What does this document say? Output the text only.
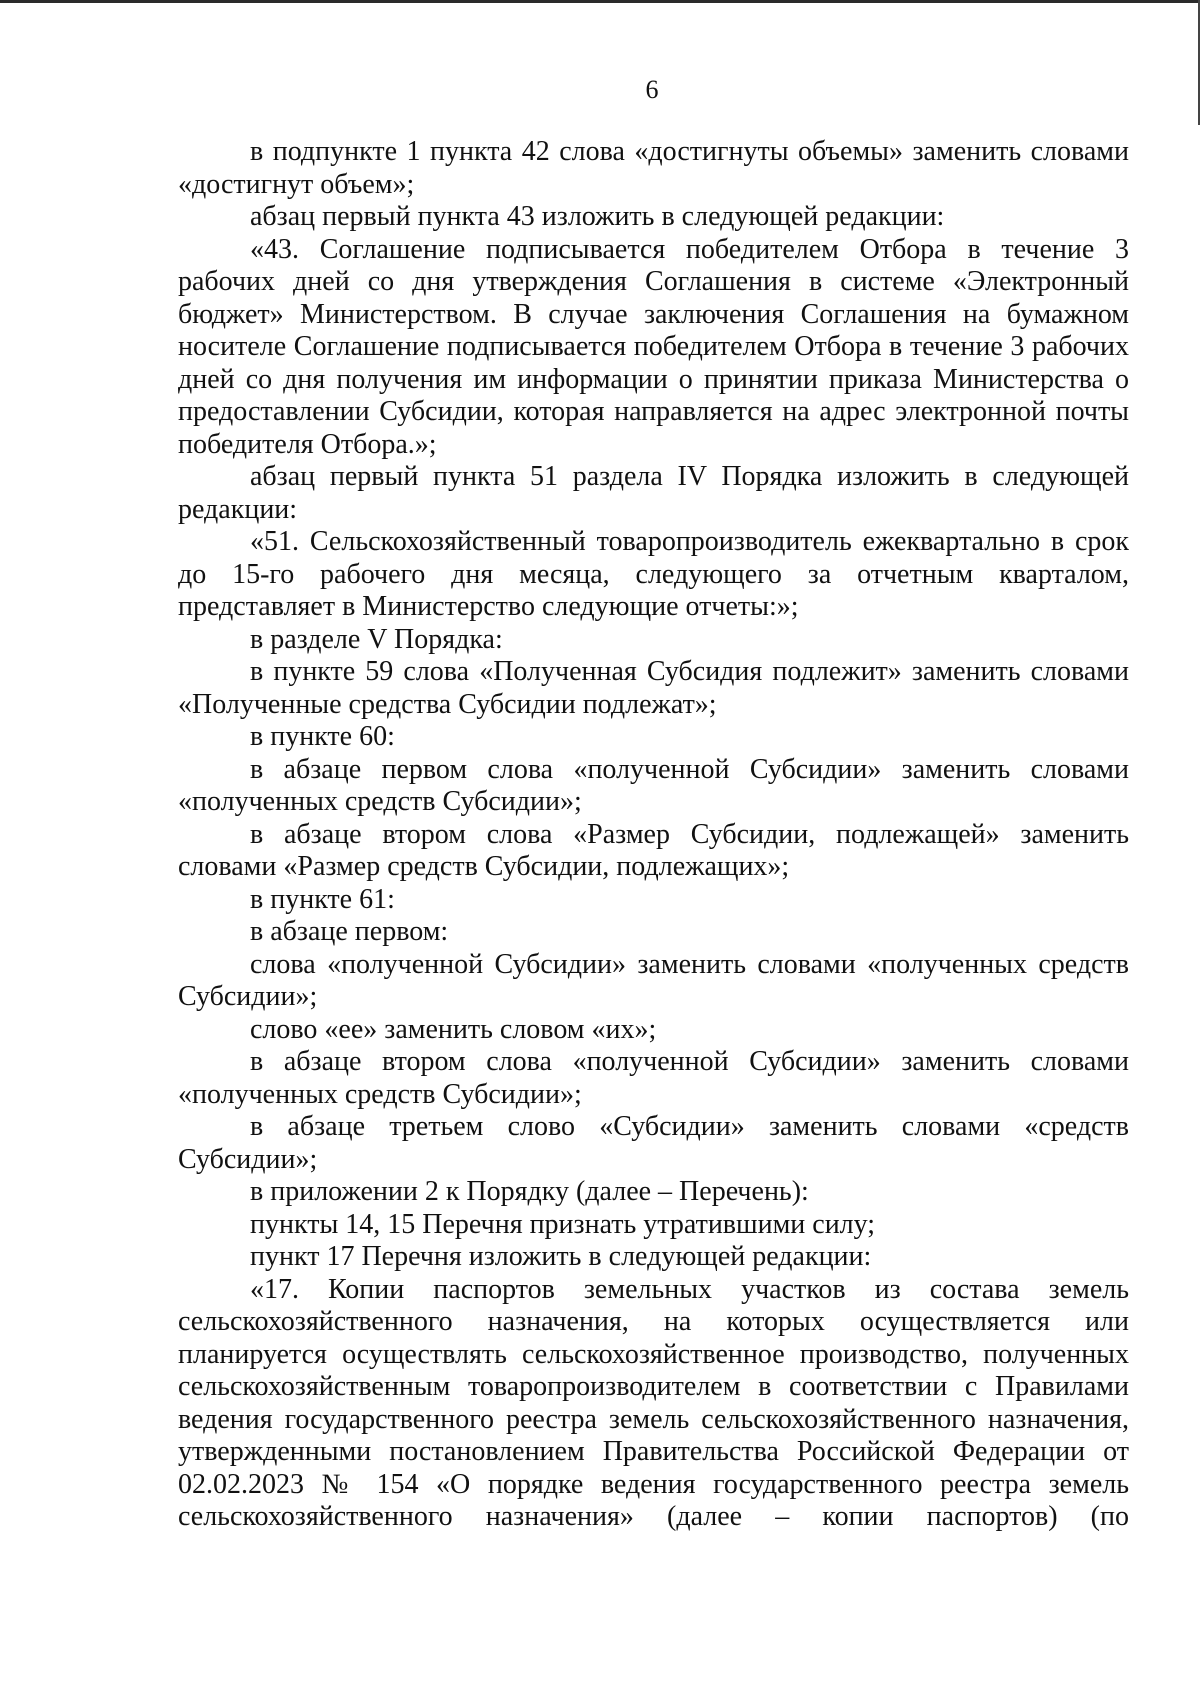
6

в подпункте 1 пункта 42 слова «достигнуты объемы» заменить словами «достигнут объем»;

абзац первый пункта 43 изложить в следующей редакции:

«43. Соглашение подписывается победителем Отбора в течение 3 рабочих дней со дня утверждения Соглашения в системе «Электронный бюджет» Министерством. В случае заключения Соглашения на бумажном носителе Соглашение подписывается победителем Отбора в течение 3 рабочих дней со дня получения им информации о принятии приказа Министерства о предоставлении Субсидии, которая направляется на адрес электронной почты победителя Отбора.»;

абзац первый пункта 51 раздела IV Порядка изложить в следующей редакции:

«51. Сельскохозяйственный товаропроизводитель ежеквартально в срок до 15-го рабочего дня месяца, следующего за отчетным кварталом, представляет в Министерство следующие отчеты:»;

в разделе V Порядка:

в пункте 59 слова «Полученная Субсидия подлежит» заменить словами «Полученные средства Субсидии подлежат»;

в пункте 60:

в абзаце первом слова «полученной Субсидии» заменить словами «полученных средств Субсидии»;

в абзаце втором слова «Размер Субсидии, подлежащей» заменить словами «Размер средств Субсидии, подлежащих»;

в пункте 61:

в абзаце первом:

слова «полученной Субсидии» заменить словами «полученных средств Субсидии»;

слово «ее» заменить словом «их»;

в абзаце втором слова «полученной Субсидии» заменить словами «полученных средств Субсидии»;

в абзаце третьем слово «Субсидии» заменить словами «средств Субсидии»;

в приложении 2 к Порядку (далее – Перечень):

пункты 14, 15 Перечня признать утратившими силу;

пункт 17 Перечня изложить в следующей редакции:

«17. Копии паспортов земельных участков из состава земель сельскохозяйственного назначения, на которых осуществляется или планируется осуществлять сельскохозяйственное производство, полученных сельскохозяйственным товаропроизводителем в соответствии с Правилами ведения государственного реестра земель сельскохозяйственного назначения, утвержденными постановлением Правительства Российской Федерации от 02.02.2023 № 154 «О порядке ведения государственного реестра земель сельскохозяйственного назначения» (далее – копии паспортов) (по
